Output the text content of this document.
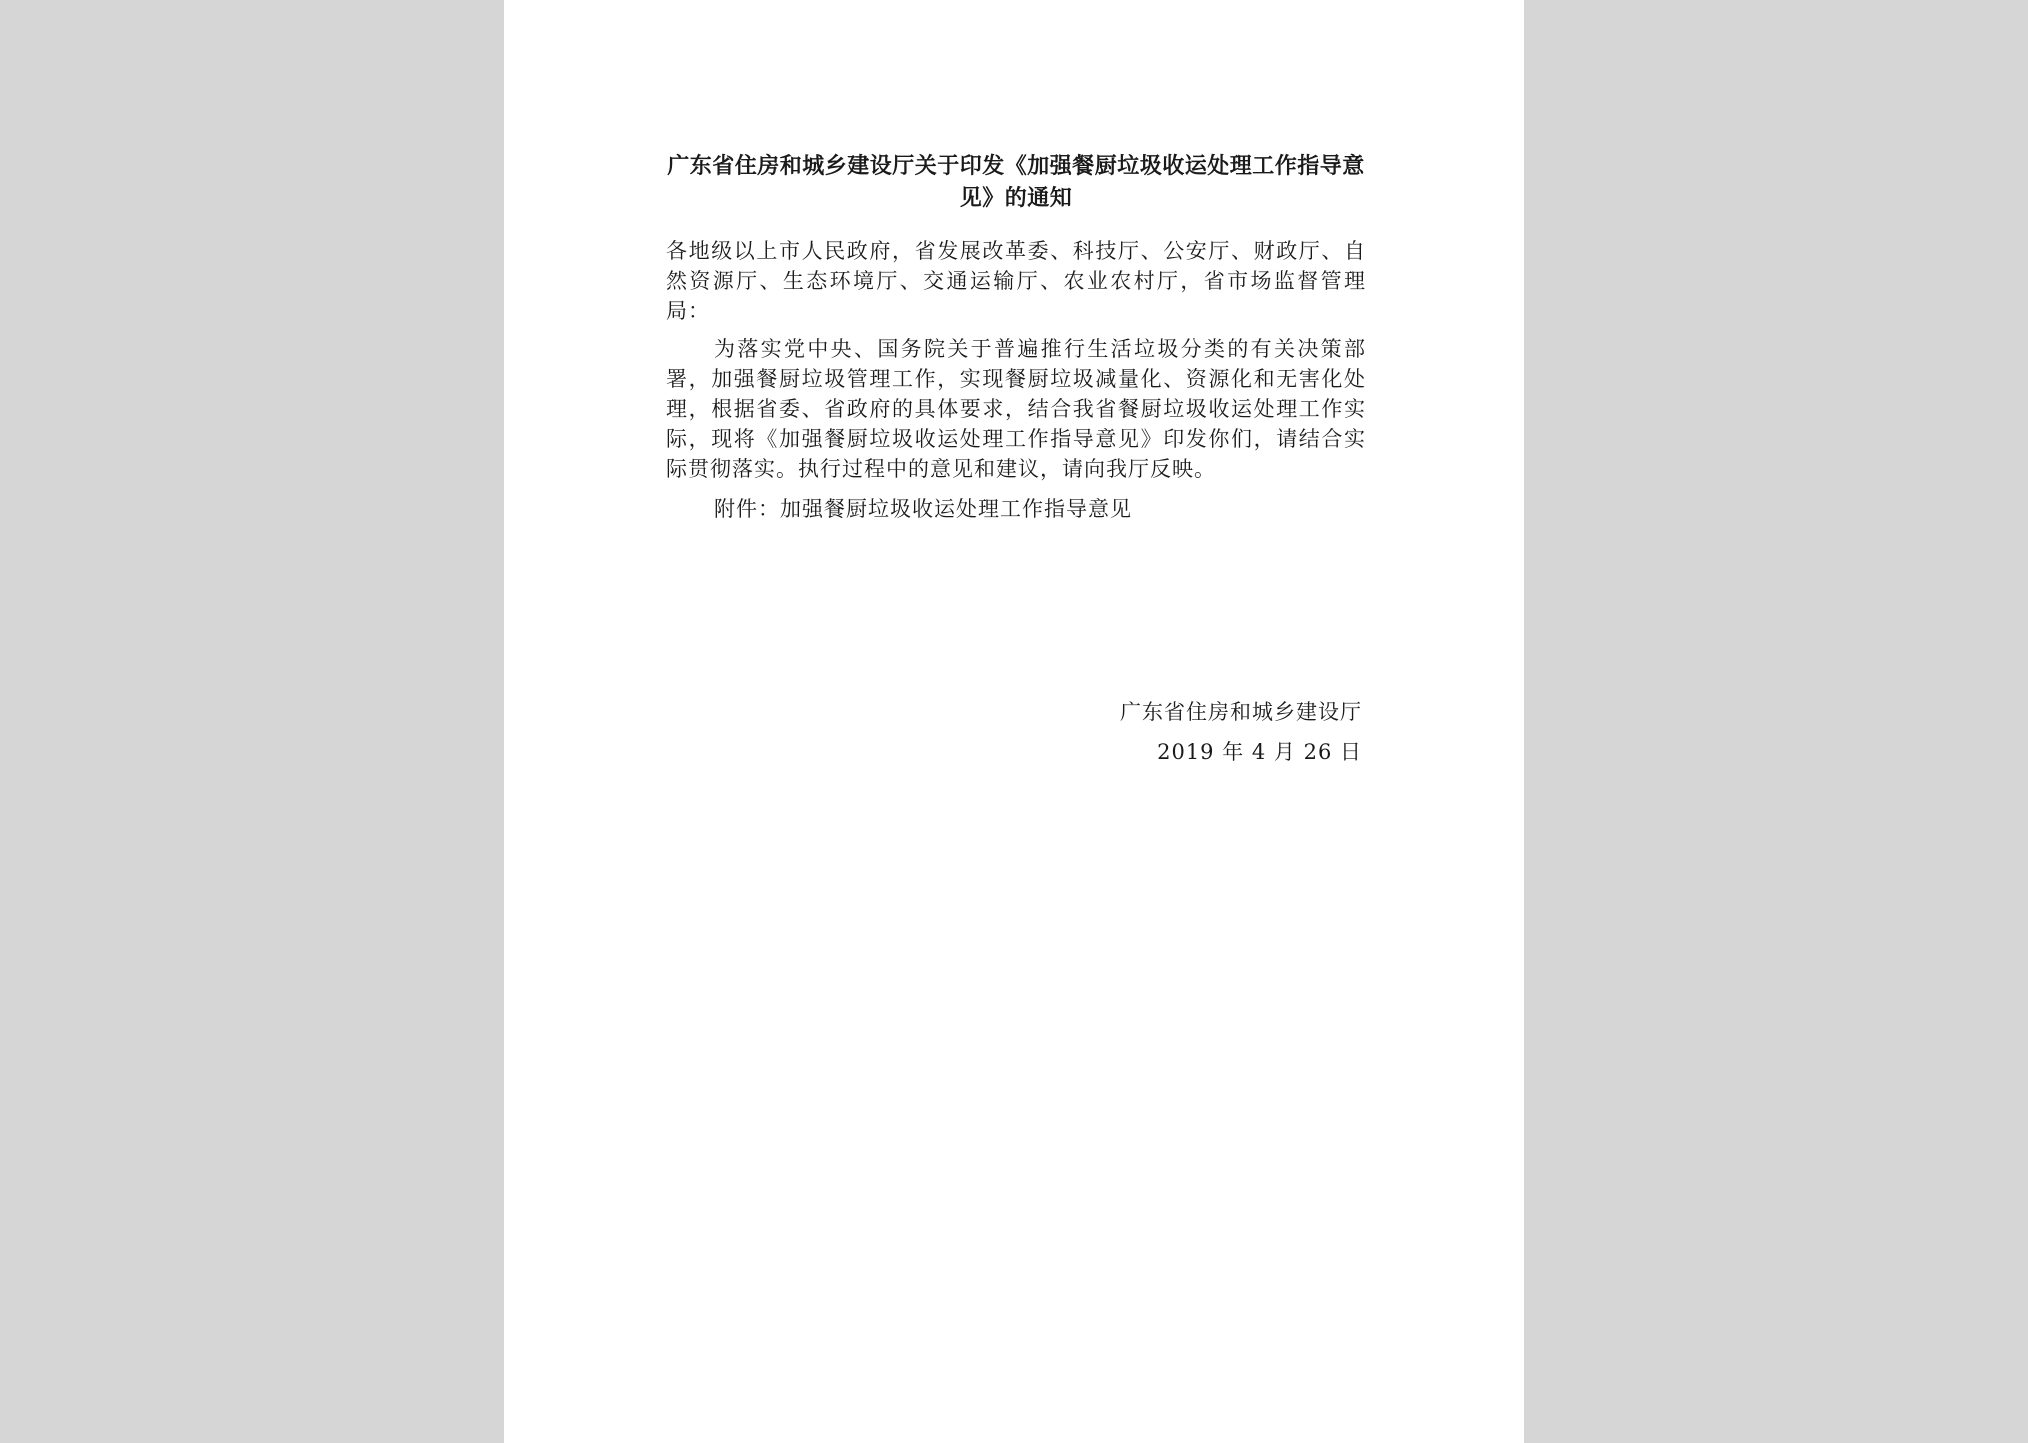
广东省住房和城乡建设厅关于印发《加强餐厨垃圾收运处理工作指导意见》的通知

各地级以上市人民政府，省发展改革委、科技厅、公安厅、财政厅、自然资源厅、生态环境厅、交通运输厅、农业农村厅，省市场监督管理局：

为落实党中央、国务院关于普遍推行生活垃圾分类的有关决策部署，加强餐厨垃圾管理工作，实现餐厨垃圾减量化、资源化和无害化处理，根据省委、省政府的具体要求，结合我省餐厨垃圾收运处理工作实际，现将《加强餐厨垃圾收运处理工作指导意见》印发你们，请结合实际贯彻落实。执行过程中的意见和建议，请向我厅反映。

附件：加强餐厨垃圾收运处理工作指导意见

广东省住房和城乡建设厅
2019 年 4 月 26 日
